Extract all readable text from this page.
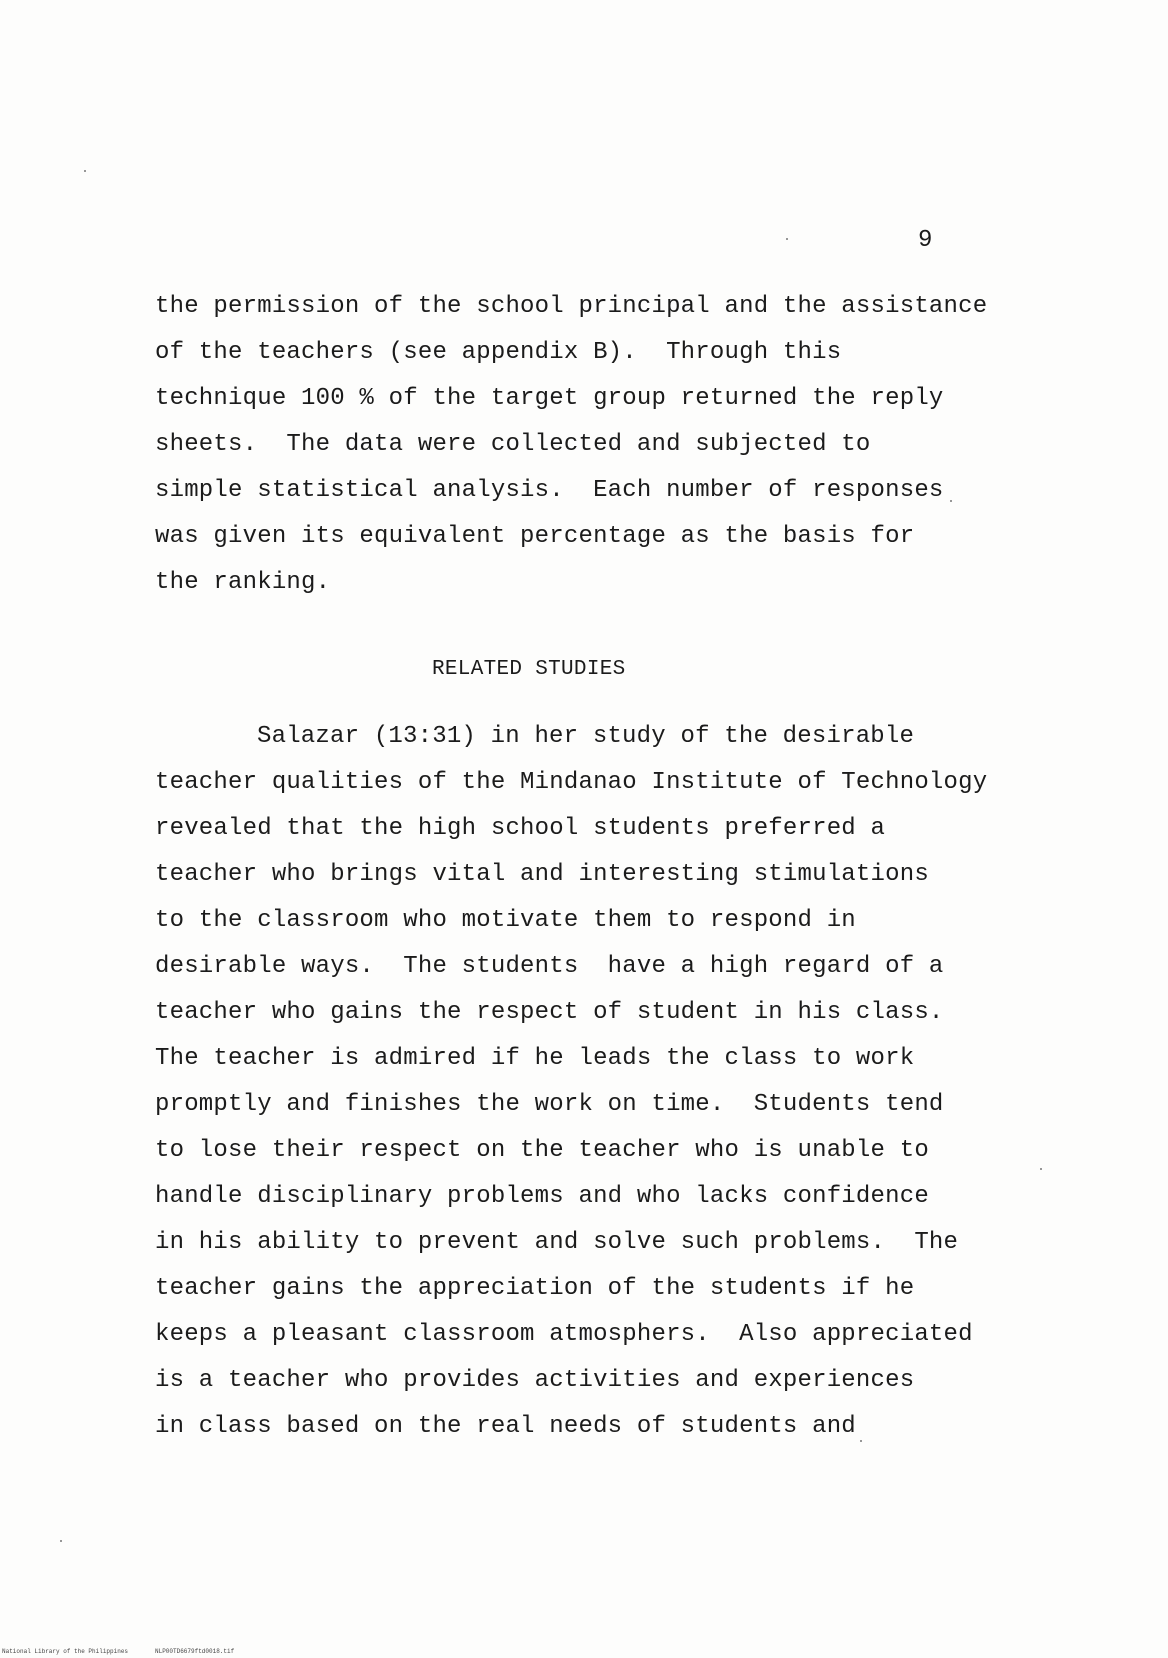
9
the permission of the school principal and the assistance
of the teachers (see appendix B).  Through this
technique 100 % of the target group returned the reply
sheets.  The data were collected and subjected to
simple statistical analysis.  Each number of responses
was given its equivalent percentage as the basis for
the ranking.
RELATED STUDIES
Salazar (13:31) in her study of the desirable
teacher qualities of the Mindanao Institute of Technology
revealed that the high school students preferred a
teacher who brings vital and interesting stimulations
to the classroom who motivate them to respond in
desirable ways.  The students  have a high regard of a
teacher who gains the respect of student in his class.
The teacher is admired if he leads the class to work
promptly and finishes the work on time.  Students tend
to lose their respect on the teacher who is unable to
handle disciplinary problems and who lacks confidence
in his ability to prevent and solve such problems.  The
teacher gains the appreciation of the students if he
keeps a pleasant classroom atmosphers.  Also appreciated
is a teacher who provides activities and experiences
in class based on the real needs of students and
National Library of the Philippines	NLP00TD6679ftd0018.tif
